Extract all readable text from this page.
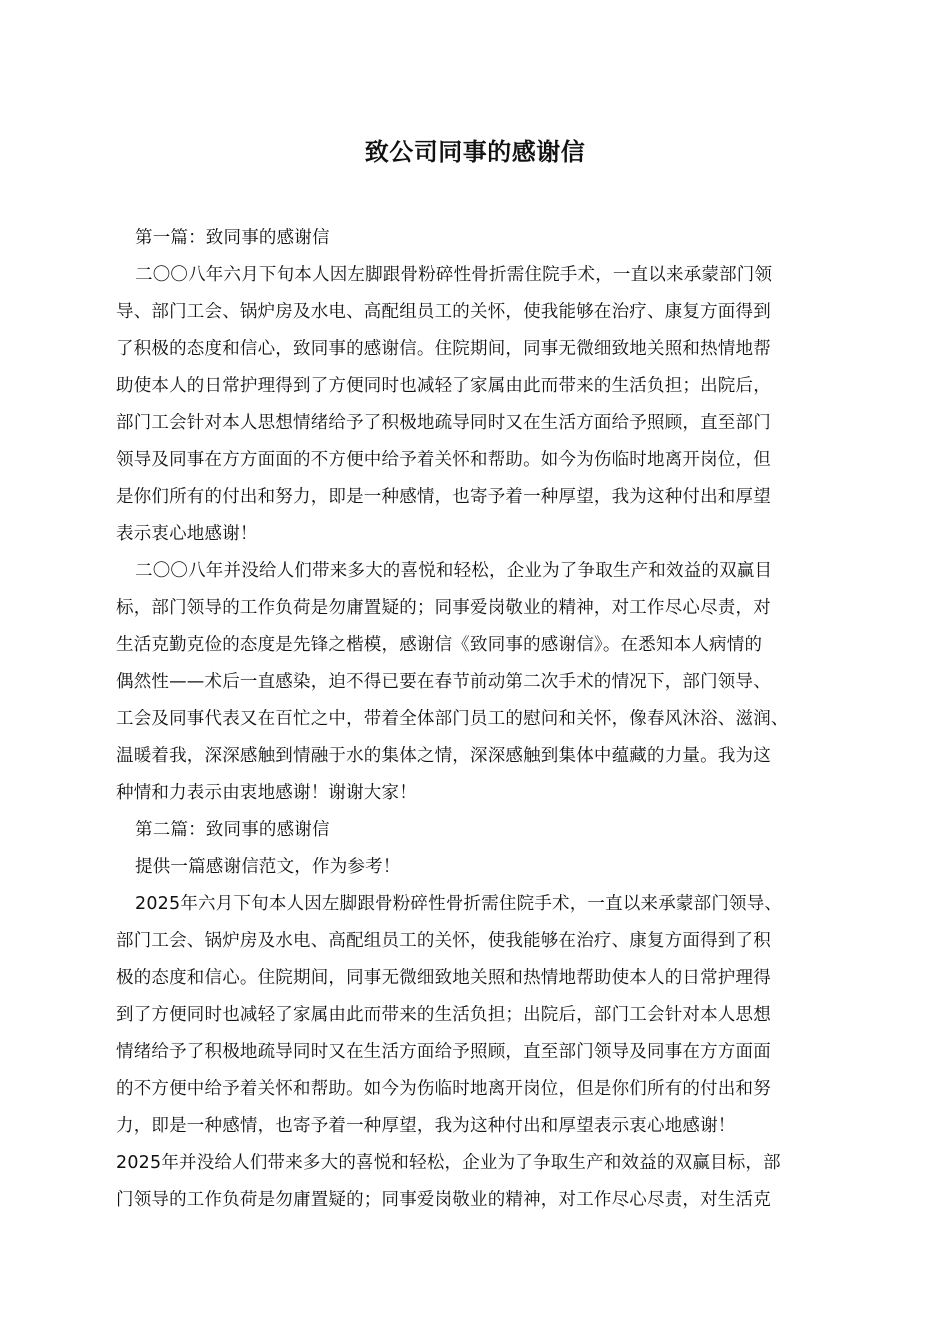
致公司同事的感谢信
第一篇：致同事的感谢信
二〇〇八年六月下旬本人因左脚跟骨粉碎性骨折需住院手术，一直以来承蒙部门领
导、部门工会、锅炉房及水电、高配组员工的关怀，使我能够在治疗、康复方面得到
了积极的态度和信心，致同事的感谢信。住院期间，同事无微细致地关照和热情地帮
助使本人的日常护理得到了方便同时也减轻了家属由此而带来的生活负担；出院后，
部门工会针对本人思想情绪给予了积极地疏导同时又在生活方面给予照顾，直至部门
领导及同事在方方面面的不方便中给予着关怀和帮助。如今为伤临时地离开岗位，但
是你们所有的付出和努力，即是一种感情，也寄予着一种厚望，我为这种付出和厚望
表示衷心地感谢！
二〇〇八年并没给人们带来多大的喜悦和轻松，企业为了争取生产和效益的双赢目
标，部门领导的工作负荷是勿庸置疑的；同事爱岗敬业的精神，对工作尽心尽责，对
生活克勤克俭的态度是先锋之楷模，感谢信《致同事的感谢信》。在悉知本人病情的
偶然性——术后一直感染，迫不得已要在春节前动第二次手术的情况下，部门领导、
工会及同事代表又在百忙之中，带着全体部门员工的慰问和关怀，像春风沐浴、滋润、
温暖着我，深深感触到情融于水的集体之情，深深感触到集体中蕴藏的力量。我为这
种情和力表示由衷地感谢！谢谢大家！
第二篇：致同事的感谢信
提供一篇感谢信范文，作为参考！
2025年六月下旬本人因左脚跟骨粉碎性骨折需住院手术，一直以来承蒙部门领导、
部门工会、锅炉房及水电、高配组员工的关怀，使我能够在治疗、康复方面得到了积
极的态度和信心。住院期间，同事无微细致地关照和热情地帮助使本人的日常护理得
到了方便同时也减轻了家属由此而带来的生活负担；出院后，部门工会针对本人思想
情绪给予了积极地疏导同时又在生活方面给予照顾，直至部门领导及同事在方方面面
的不方便中给予着关怀和帮助。如今为伤临时地离开岗位，但是你们所有的付出和努
力，即是一种感情，也寄予着一种厚望，我为这种付出和厚望表示衷心地感谢！
2025年并没给人们带来多大的喜悦和轻松，企业为了争取生产和效益的双赢目标，部
门领导的工作负荷是勿庸置疑的；同事爱岗敬业的精神，对工作尽心尽责，对生活克
